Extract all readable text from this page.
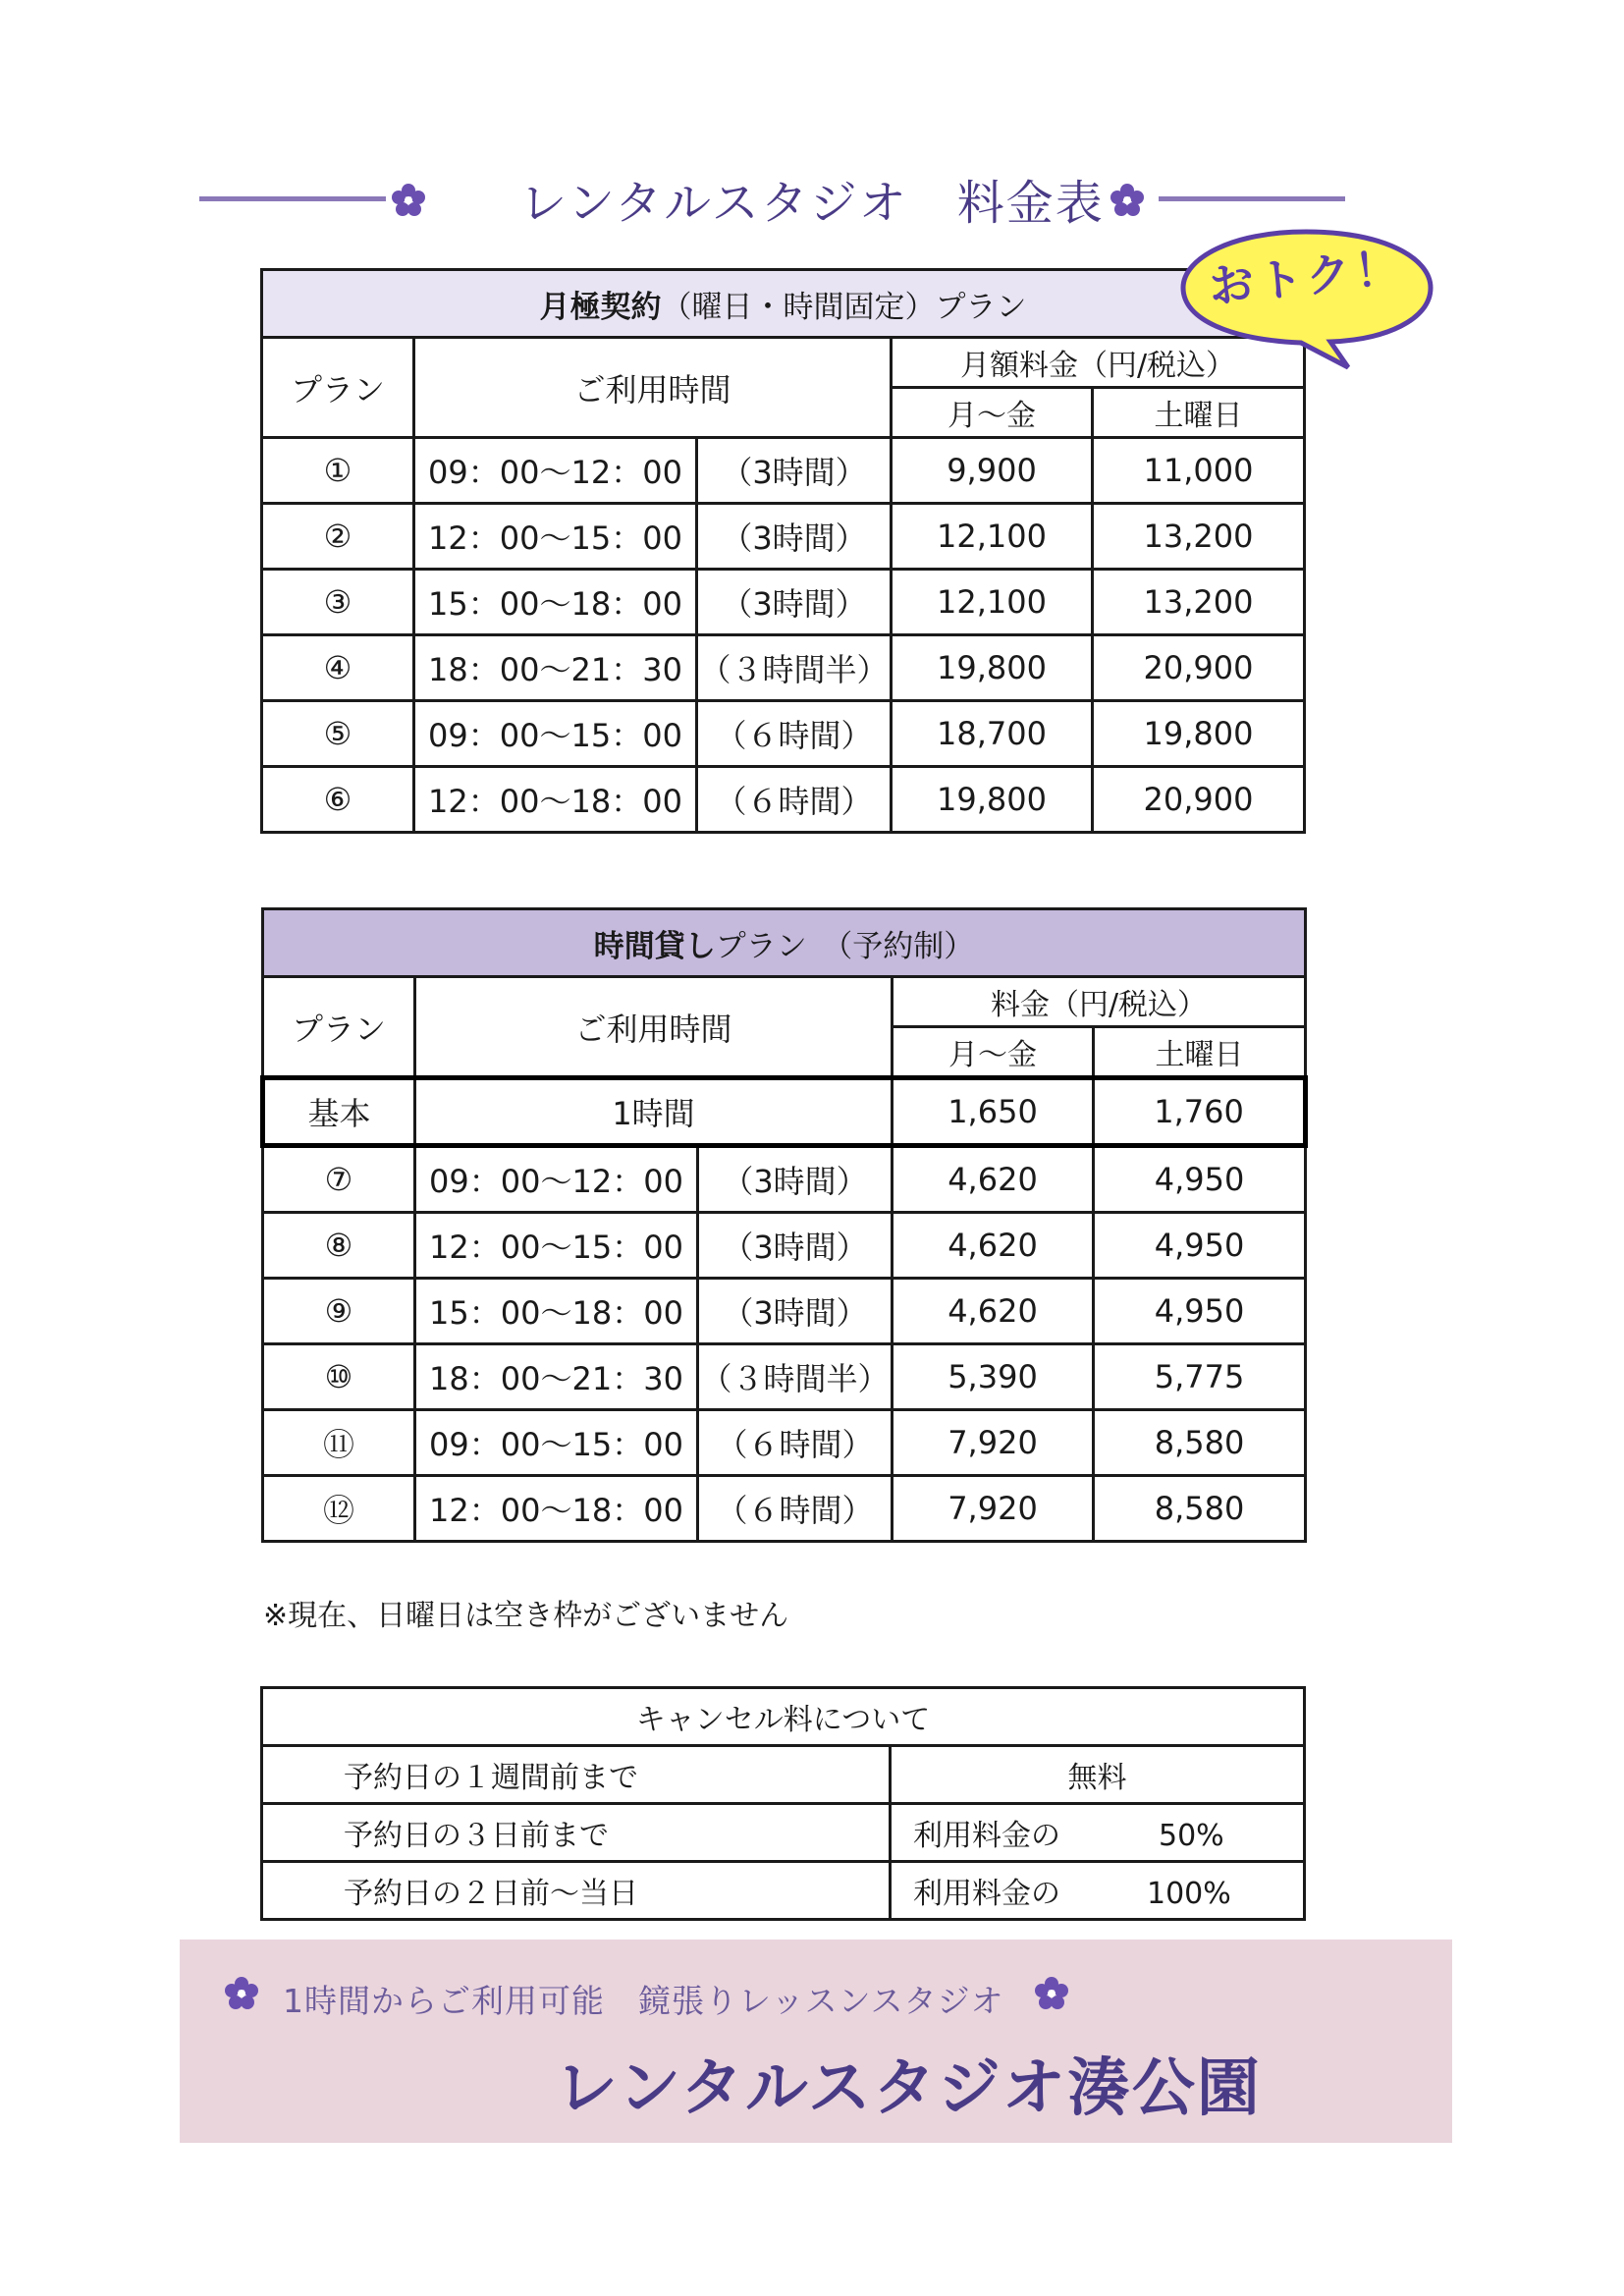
レンタルスタジオ　料金表
月極契約（曜日・時間固定）プラン				
プラン	ご利用時間		月額料金（円/税込）	
			月～金	土曜日
①	09：00～12：00	（3時間）	9,900	11,000
②	12：00～15：00	（3時間）	12,100	13,200
③	15：00～18：00	（3時間）	12,100	13,200
④	18：00～21：30	（３時間半）	19,800	20,900
⑤	09：00～15：00	（６時間）	18,700	19,800
⑥	12：00～18：00	（６時間）	19,800	20,900
おトク！
時間貸しプラン　（予約制）				
プラン	ご利用時間		料金（円/税込）	
			月～金	土曜日
基本	1時間		1,650	1,760
⑦	09：00～12：00	（3時間）	4,620	4,950
⑧	12：00～15：00	（3時間）	4,620	4,950
⑨	15：00～18：00	（3時間）	4,620	4,950
⑩	18：00～21：30	（３時間半）	5,390	5,775
⑪	09：00～15：00	（６時間）	7,920	8,580
⑫	12：00～18：00	（６時間）	7,920	8,580
※現在、日曜日は空き枠がございません
キャンセル料について	
予約日の１週間前まで	無料
予約日の３日前まで	利用料金の 50%
予約日の２日前～当日	利用料金の 100%
1時間からご利用可能　鏡張りレッスンスタジオ
レンタルスタジオ湊公園
